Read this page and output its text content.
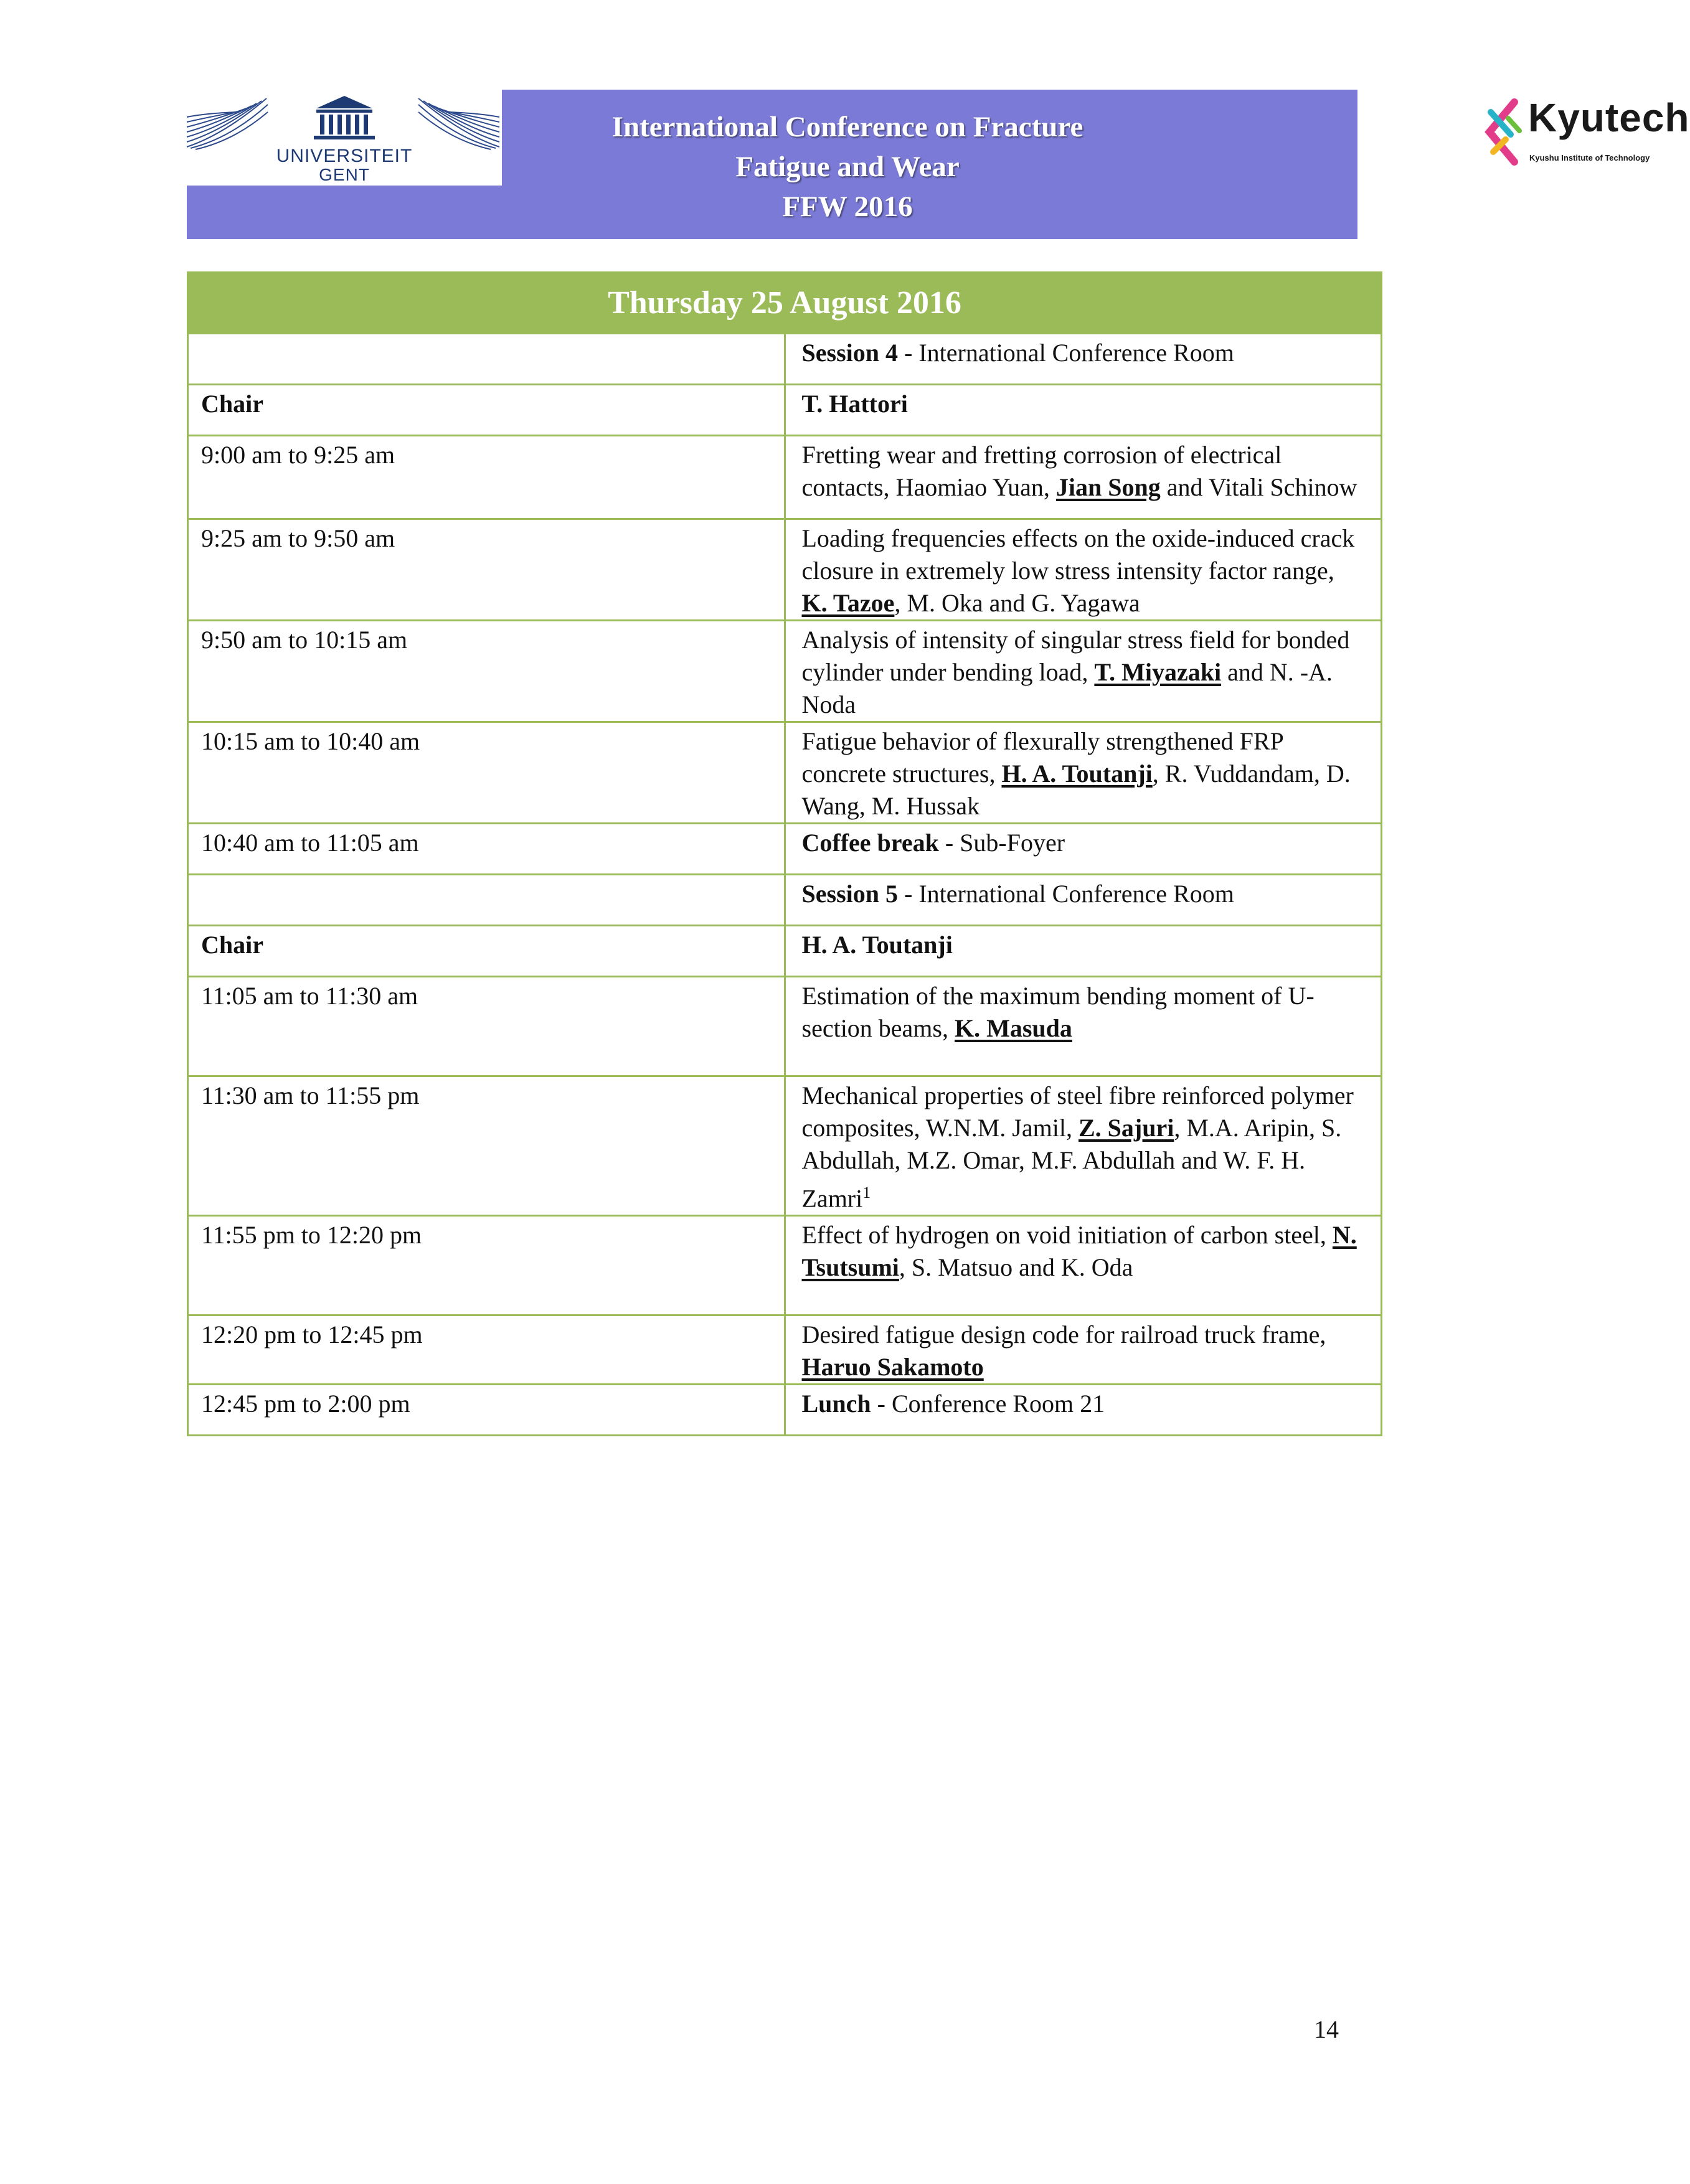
UNIVERSITEIT
GENT
International Conference on Fracture
Fatigue and Wear
FFW 2016
Kyutech
Kyushu Institute of Technology
Thursday 25 August 2016	

	Session 4 - International Conference Room

Chair	T. Hattori

9:00 am to 9:25 am	Fretting wear and fretting corrosion of electrical contacts, Haomiao Yuan, Jian Song and Vitali Schinow

9:25 am to 9:50 am	Loading frequencies effects on the oxide-induced crack closure in extremely low stress intensity factor range, K. Tazoe, M. Oka and G. Yagawa

9:50 am to 10:15 am	Analysis of intensity of singular stress field for bonded cylinder under bending load, T. Miyazaki and N. -A. Noda

10:15 am to 10:40 am	Fatigue behavior of flexurally strengthened FRP concrete structures, H. A. Toutanji, R. Vuddandam, D. Wang, M. Hussak

10:40 am to 11:05 am	Coffee break - Sub-Foyer

	Session 5 - International Conference Room

Chair	H. A. Toutanji

11:05 am to 11:30 am	Estimation of the maximum bending moment of U-section beams, K. Masuda

11:30 am to 11:55 pm	Mechanical properties of steel fibre reinforced polymer composites, W.N.M. Jamil, Z. Sajuri, M.A. Aripin, S. Abdullah, M.Z. Omar, M.F. Abdullah and W. F. H. Zamri$^1$

11:55 pm to 12:20 pm	Effect of hydrogen on void initiation of carbon steel, N. Tsutsumi, S. Matsuo and K. Oda

12:20 pm to 12:45 pm	Desired fatigue design code for railroad truck frame, Haruo Sakamoto

12:45 pm to 2:00 pm	Lunch - Conference Room 21
14
